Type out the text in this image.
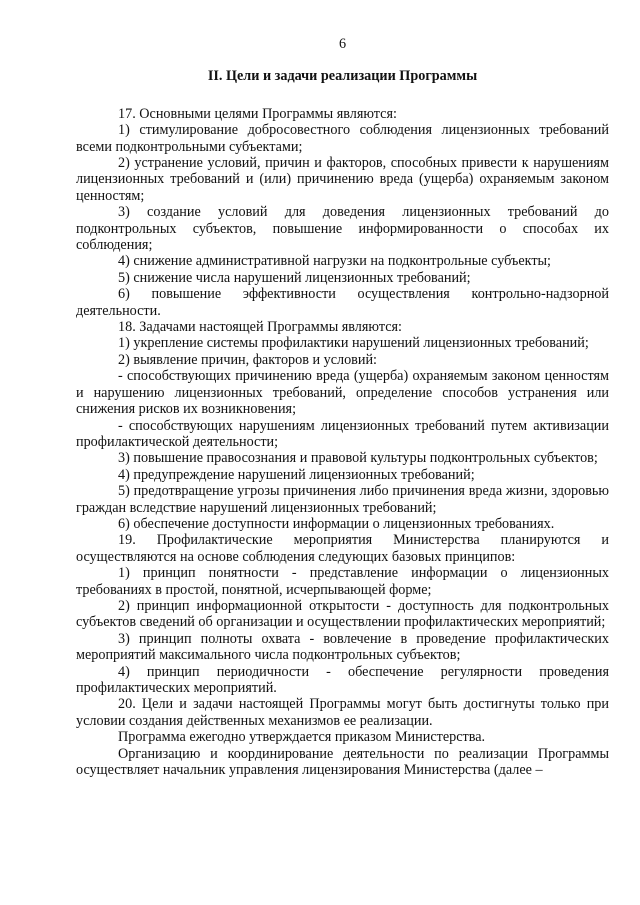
6
II. Цели и задачи реализации Программы

17. Основными целями Программы являются:

1) стимулирование добросовестного соблюдения лицензионных требований всеми подконтрольными субъектами;

2) устранение условий, причин и факторов, способных привести к нарушениям лицензионных требований и (или) причинению вреда (ущерба) охраняемым законом ценностям;

3) создание условий для доведения лицензионных требований до подконтрольных субъектов, повышение информированности о способах их соблюдения;

4) снижение административной нагрузки на подконтрольные субъекты;

5) снижение числа нарушений лицензионных требований;

6) повышение эффективности осуществления контрольно-надзорной деятельности.

18. Задачами настоящей Программы являются:

1) укрепление системы профилактики нарушений лицензионных требований;

2) выявление причин, факторов и условий:

- способствующих причинению вреда (ущерба) охраняемым законом ценностям и нарушению лицензионных требований, определение способов устранения или снижения рисков их возникновения;

- способствующих нарушениям лицензионных требований путем активизации профилактической деятельности;

3) повышение правосознания и правовой культуры подконтрольных субъектов;

4) предупреждение нарушений лицензионных требований;

5) предотвращение угрозы причинения либо причинения вреда жизни, здоровью граждан вследствие нарушений лицензионных требований;

6) обеспечение доступности информации о лицензионных требованиях.

19. Профилактические мероприятия Министерства планируются и осуществляются на основе соблюдения следующих базовых принципов:

1) принцип понятности - представление информации о лицензионных требованиях в простой, понятной, исчерпывающей форме;

2) принцип информационной открытости - доступность для подконтрольных субъектов сведений об организации и осуществлении профилактических мероприятий;

3) принцип полноты охвата - вовлечение в проведение профилактических мероприятий максимального числа подконтрольных субъектов;

4) принцип периодичности - обеспечение регулярности проведения профилактических мероприятий.

20. Цели и задачи настоящей Программы могут быть достигнуты только при условии создания действенных механизмов ее реализации.

Программа ежегодно утверждается приказом Министерства.

Организацию и координирование деятельности по реализации Программы осуществляет начальник управления лицензирования Министерства (далее –
